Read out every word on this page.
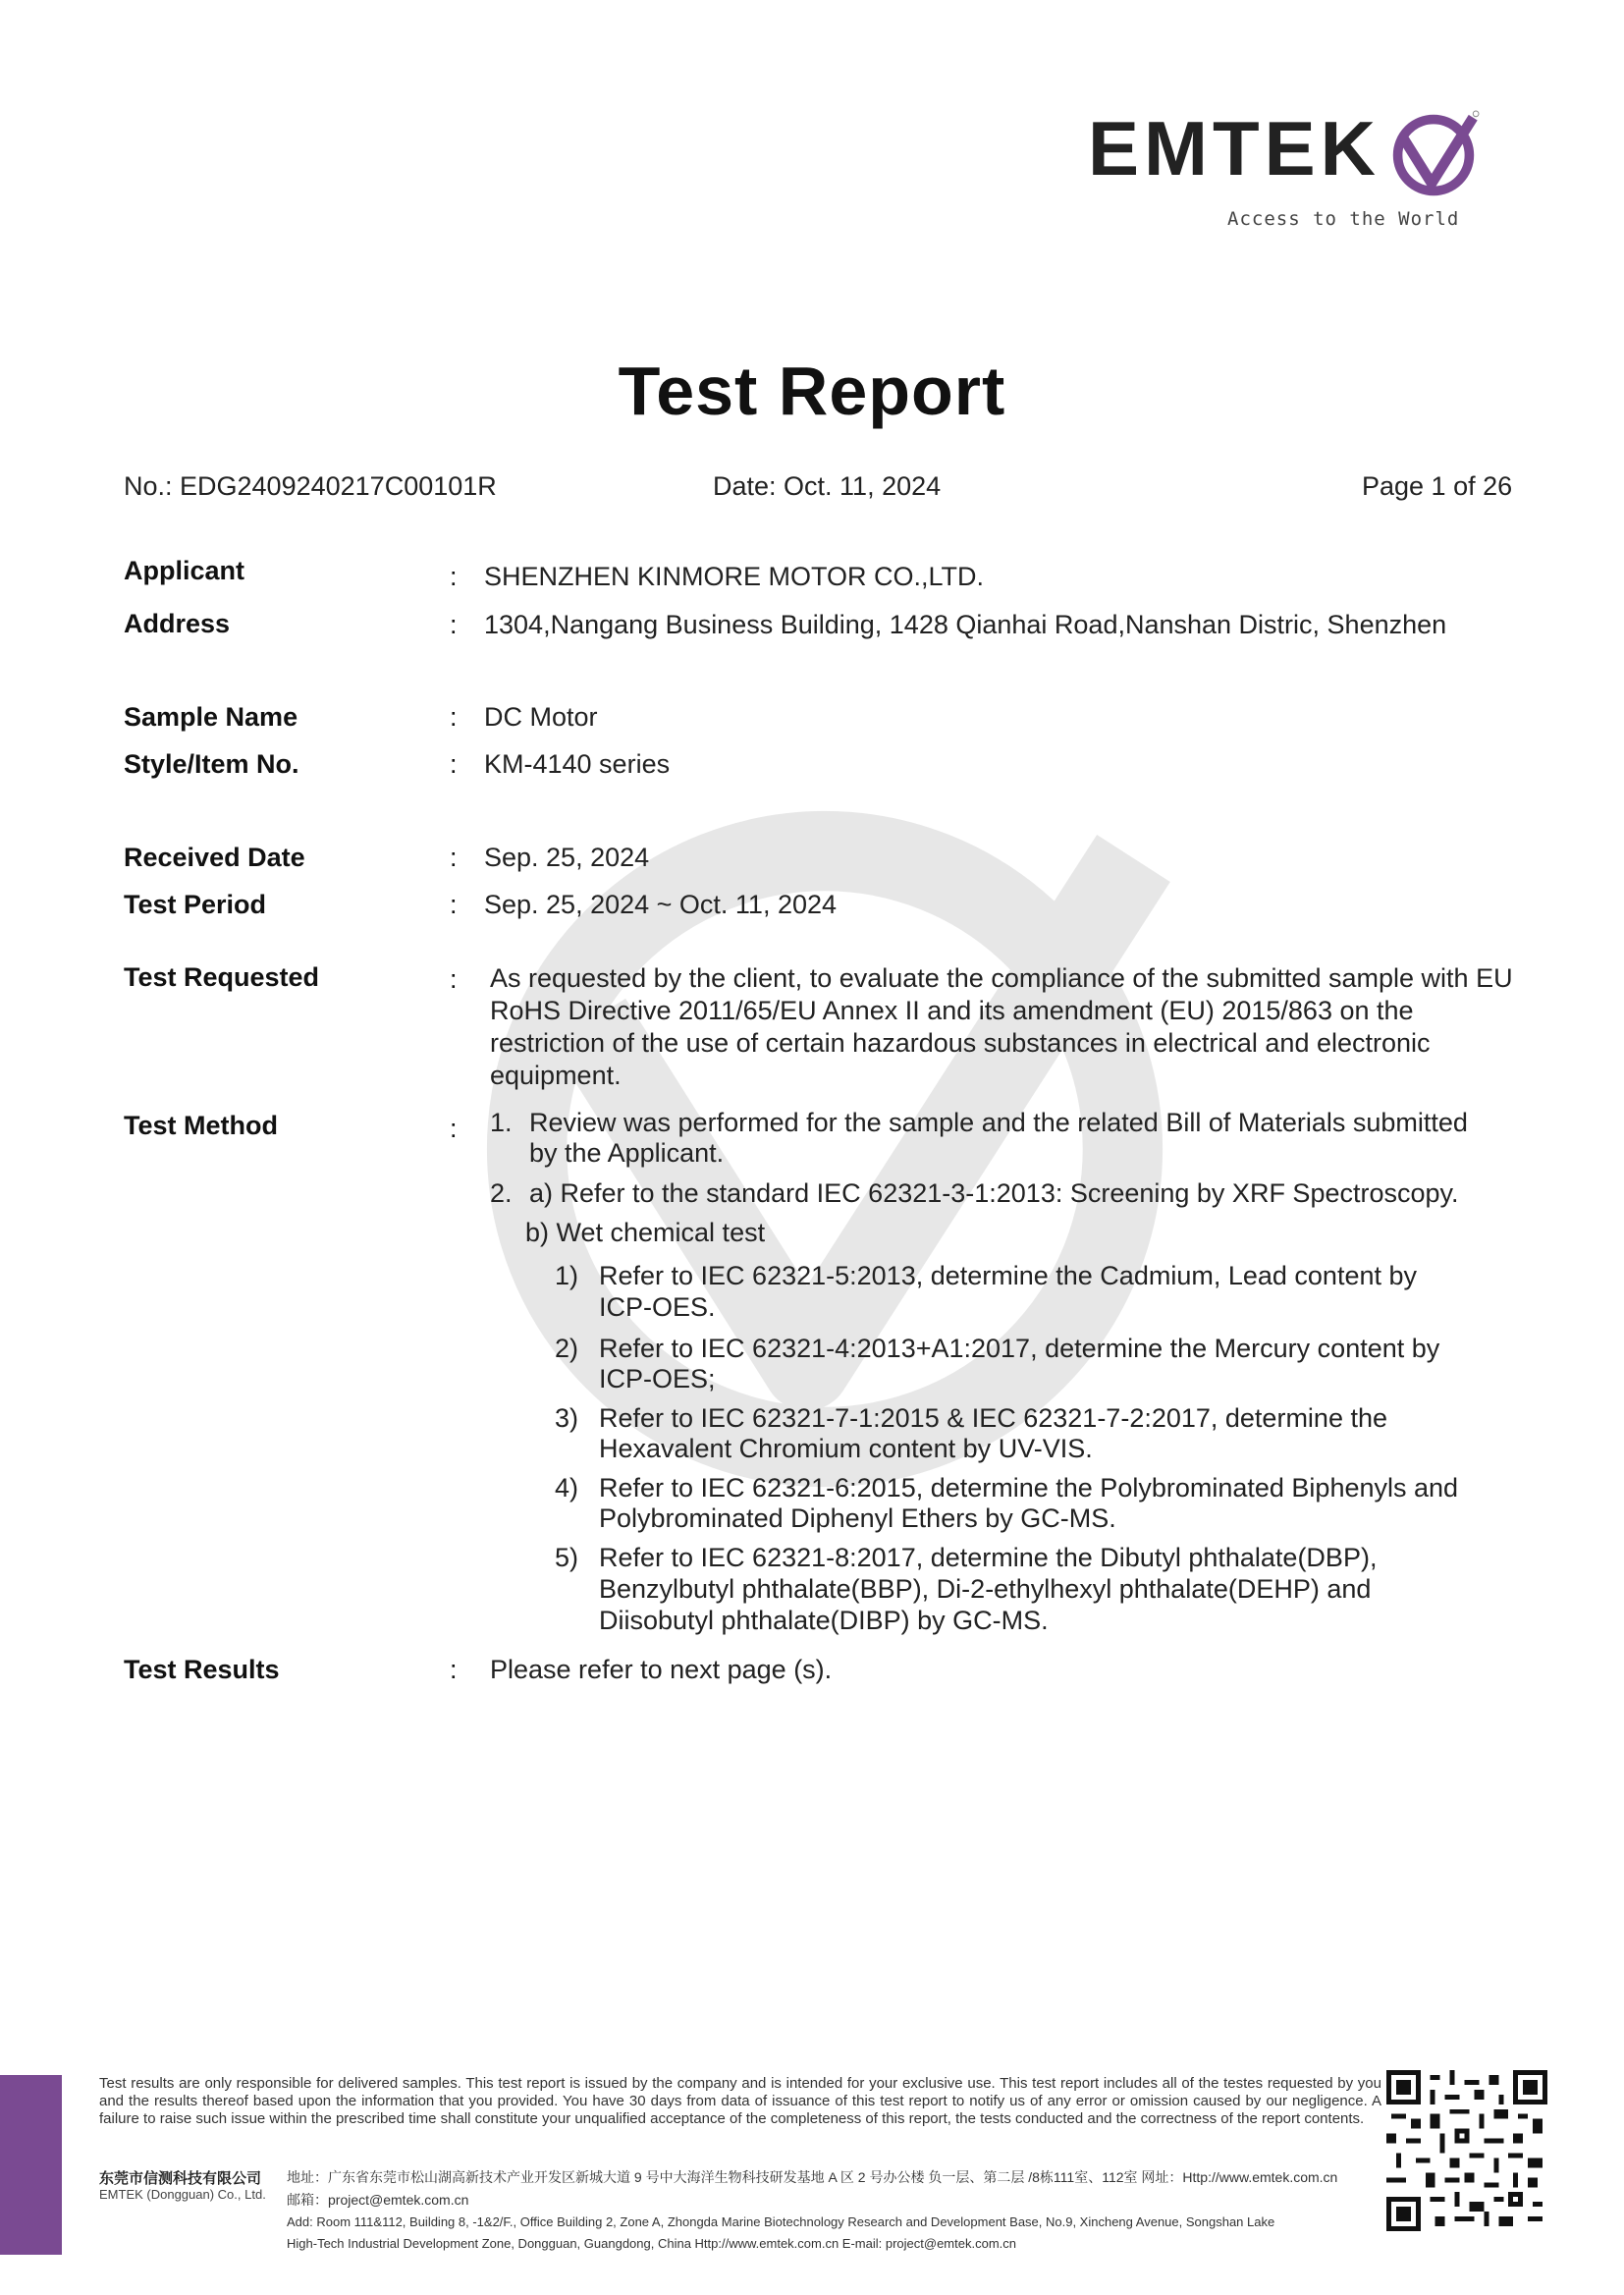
EMTEK
Access to the World
Test Report
No.: EDG2409240217C00101R	Date: Oct. 11, 2024	Page 1 of 26
Applicant	: SHENZHEN KINMORE MOTOR CO.,LTD.
Address	: 1304,Nangang Business Building, 1428 Qianhai Road,Nanshan Distric, Shenzhen
Sample Name	: DC Motor
Style/Item No.	: KM-4140 series
Received Date	: Sep. 25, 2024
Test Period	: Sep. 25, 2024 ~ Oct. 11, 2024
Test Requested	: As requested by the client, to evaluate the compliance of the submitted sample with EU RoHS Directive 2011/65/EU Annex II and its amendment (EU) 2015/863 on the restriction of the use of certain hazardous substances in electrical and electronic equipment.
Test Method	: 1. Review was performed for the sample and the related Bill of Materials submitted
by the Applicant.
2. a) Refer to the standard IEC 62321-3-1:2013: Screening by XRF Spectroscopy.
b) Wet chemical test
1) Refer to IEC 62321-5:2013, determine the Cadmium, Lead content by
ICP-OES.
2) Refer to IEC 62321-4:2013+A1:2017, determine the Mercury content by
ICP-OES;
3) Refer to IEC 62321-7-1:2015 & IEC 62321-7-2:2017, determine the
Hexavalent Chromium content by UV-VIS.
4) Refer to IEC 62321-6:2015, determine the Polybrominated Biphenyls and
Polybrominated Diphenyl Ethers by GC-MS.
5) Refer to IEC 62321-8:2017, determine the Dibutyl phthalate(DBP),
Benzylbutyl phthalate(BBP), Di-2-ethylhexyl phthalate(DEHP) and
Diisobutyl phthalate(DIBP) by GC-MS.
Test Results	: Please refer to next page (s).
Test results are only responsible for delivered samples. This test report is issued by the company and is intended for your exclusive use. This test report includes all of the testes requested by you and the results thereof based upon the information that you provided. You have 30 days from data of issuance of this test report to notify us of any error or omission caused by our negligence. A failure to raise such issue within the prescribed time shall constitute your unqualified acceptance of the completeness of this report, the tests conducted and the correctness of the report contents.
东莞市信测科技有限公司
EMTEK (Dongguan) Co., Ltd.
地址：广东省东莞市松山湖高新技术产业开发区新城大道 9 号中大海洋生物科技研发基地 A 区 2 号办公楼 负一层、第二层 /8栋111室、112室 网址：Http://www.emtek.com.cn
邮箱：project@emtek.com.cn
Add: Room 111&112, Building 8, -1&2/F., Office Building 2, Zone A, Zhongda Marine Biotechnology Research and Development Base, No.9, Xincheng Avenue, Songshan Lake
High-Tech Industrial Development Zone, Dongguan, Guangdong, China Http://www.emtek.com.cn E-mail: project@emtek.com.cn
